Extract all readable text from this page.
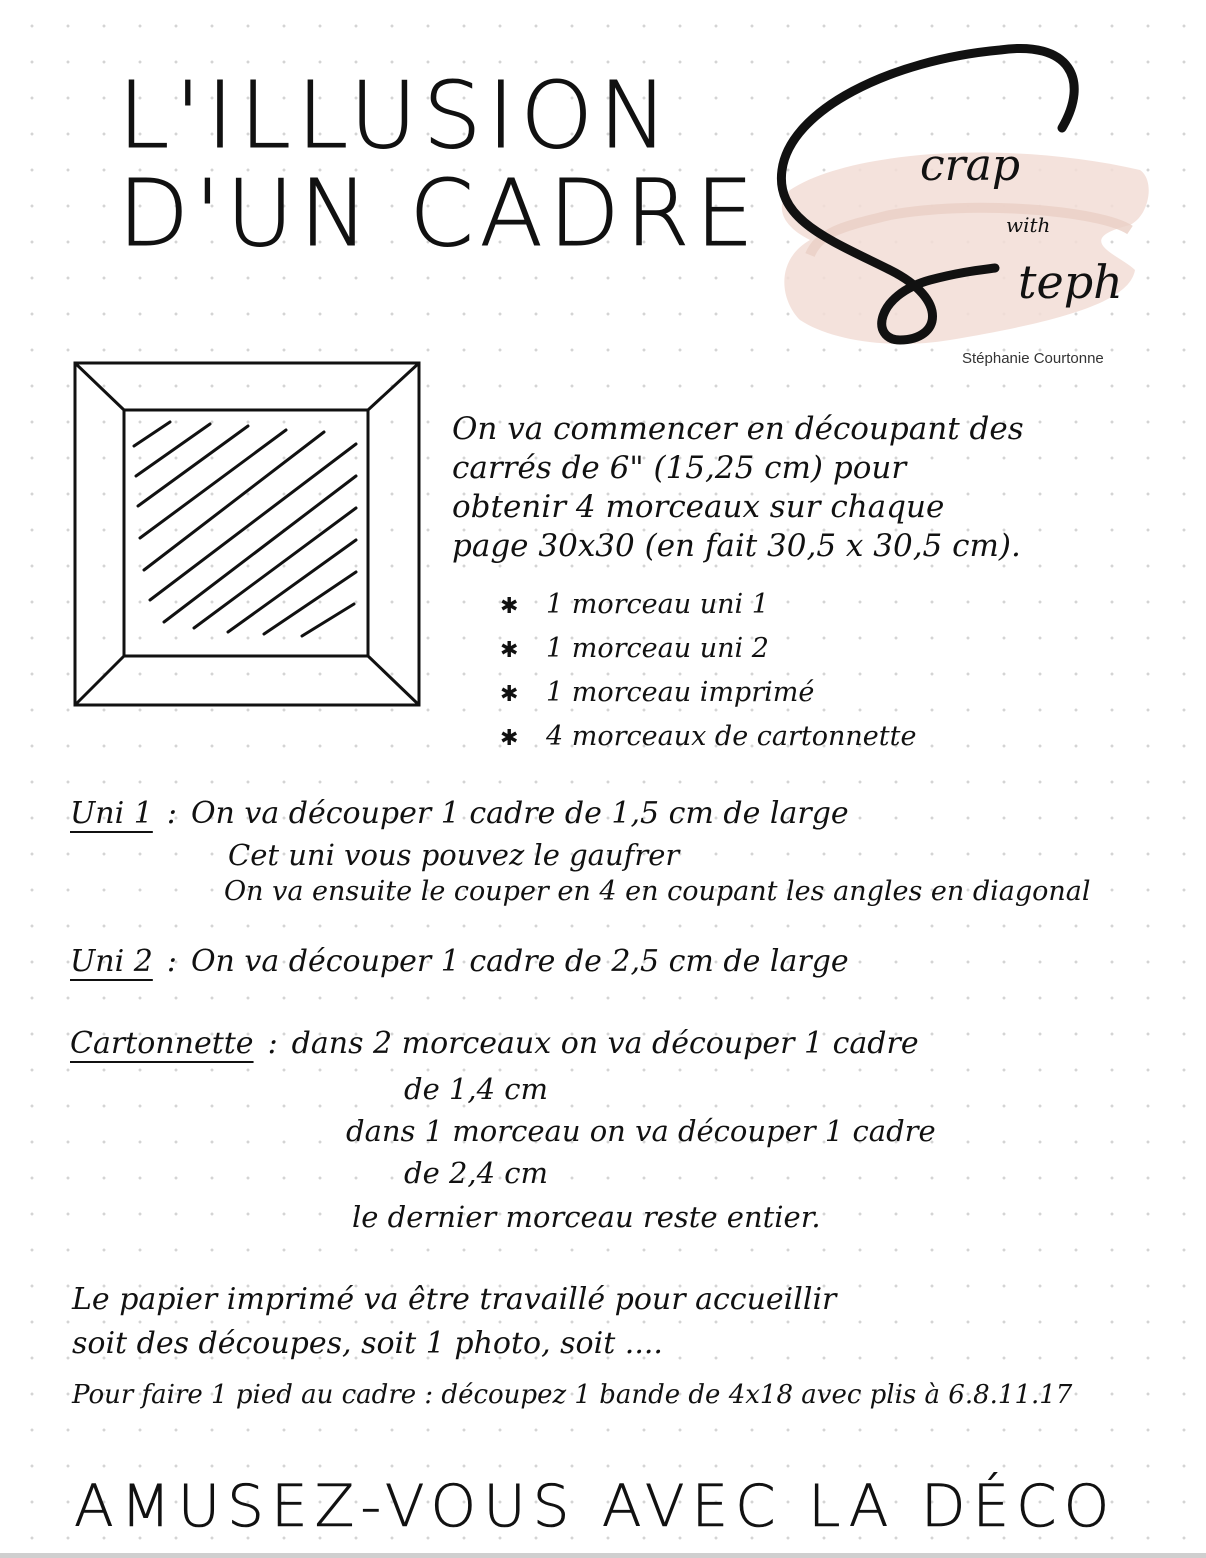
L'ILLUSION
D'UN CADRE	crap
with
teph
Stéphanie Courtonne
On va commencer en découpant des
carrés de 6" (15,25 cm) pour
obtenir 4 morceaux sur chaque
page 30x30 (en fait 30,5 x 30,5 cm).
✱ 1 morceau uni 1
✱ 1 morceau uni 2
✱ 1 morceau imprimé
✱ 4 morceaux de cartonnette
Uni 1 : On va découper 1 cadre de 1,5 cm de large
Cet uni vous pouvez le gaufrer
On va ensuite le couper en 4 en coupant les angles en diagonal
Uni 2 : On va découper 1 cadre de 2,5 cm de large
Cartonnette : dans 2 morceaux on va découper 1 cadre
de 1,4 cm
dans 1 morceau on va découper 1 cadre
de 2,4 cm
le dernier morceau reste entier.
Le papier imprimé va être travaillé pour accueillir
soit des découpes, soit 1 photo, soit ....
Pour faire 1 pied au cadre : découpez 1 bande de 4x18 avec plis à 6.8.11.17
AMUSEZ-VOUS AVEC LA DÉCO
